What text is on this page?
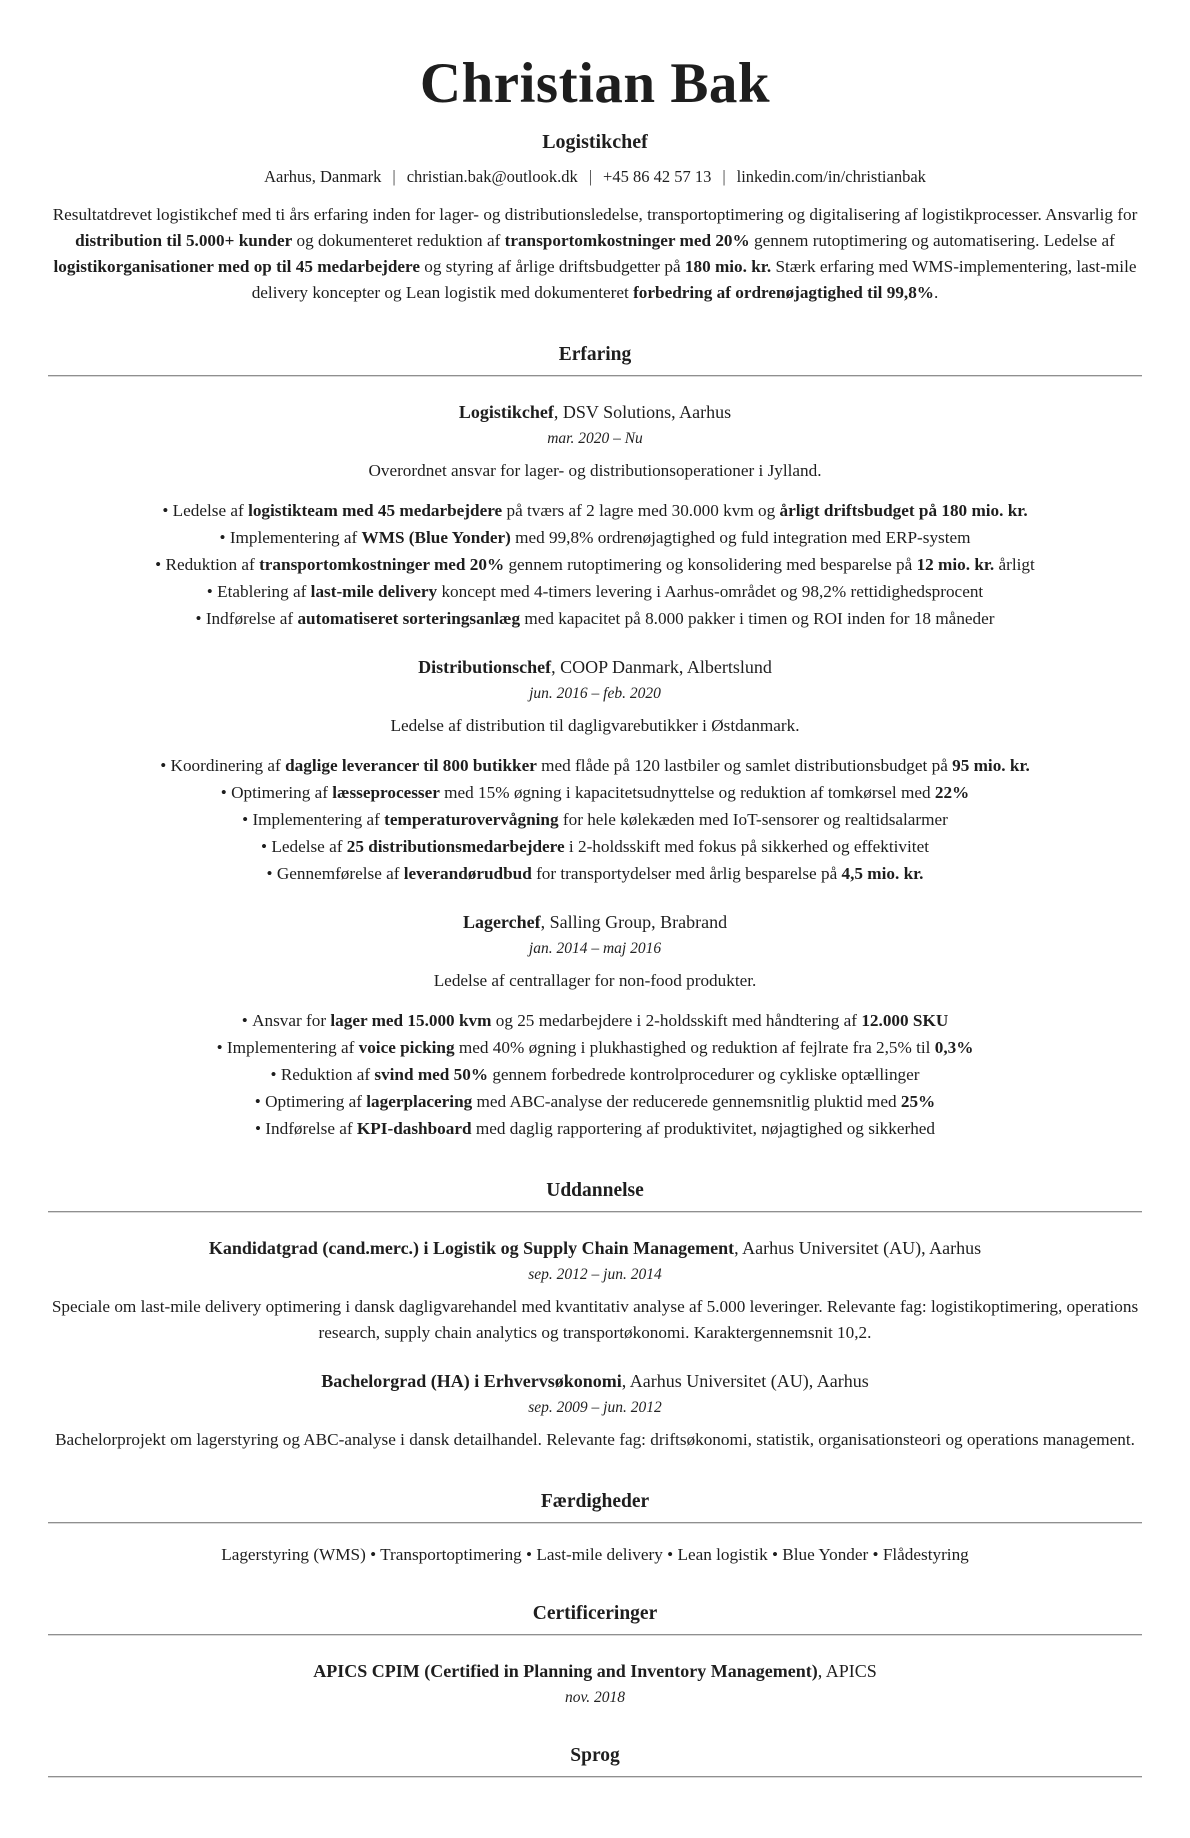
Christian Bak
Logistikchef
Aarhus, Danmark | christian.bak@outlook.dk | +45 86 42 57 13 | linkedin.com/in/christianbak

Resultatdrevet logistikchef med ti års erfaring inden for lager- og distributionsledelse, transportoptimering og digitalisering af logistikprocesser. Ansvarlig for distribution til 5.000+ kunder og dokumenteret reduktion af transportomkostninger med 20% gennem rutoptimering og automatisering. Ledelse af logistikorganisationer med op til 45 medarbejdere og styring af årlige driftsbudgetter på 180 mio. kr. Stærk erfaring med WMS-implementering, last-mile delivery koncepter og Lean logistik med dokumenteret forbedring af ordrenøjagtighed til 99,8%.

Erfaring
Logistikchef, DSV Solutions, Aarhus
mar. 2020 – Nu
Overordnet ansvar for lager- og distributionsoperationer i Jylland.
• Ledelse af logistikteam med 45 medarbejdere på tværs af 2 lagre med 30.000 kvm og årligt driftsbudget på 180 mio. kr.
• Implementering af WMS (Blue Yonder) med 99,8% ordrenøjagtighed og fuld integration med ERP-system
• Reduktion af transportomkostninger med 20% gennem rutoptimering og konsolidering med besparelse på 12 mio. kr. årligt
• Etablering af last-mile delivery koncept med 4-timers levering i Aarhus-området og 98,2% rettidighedsprocent
• Indførelse af automatiseret sorteringsanlæg med kapacitet på 8.000 pakker i timen og ROI inden for 18 måneder
Distributionschef, COOP Danmark, Albertslund
jun. 2016 – feb. 2020
Ledelse af distribution til dagligvarebutikker i Østdanmark.
• Koordinering af daglige leverancer til 800 butikker med flåde på 120 lastbiler og samlet distributionsbudget på 95 mio. kr.
• Optimering af læsseprocesser med 15% øgning i kapacitetsudnyttelse og reduktion af tomkørsel med 22%
• Implementering af temperaturovervågning for hele kølekæden med IoT-sensorer og realtidsalarmer
• Ledelse af 25 distributionsmedarbejdere i 2-holdsskift med fokus på sikkerhed og effektivitet
• Gennemførelse af leverandørudbud for transportydelser med årlig besparelse på 4,5 mio. kr.
Lagerchef, Salling Group, Brabrand
jan. 2014 – maj 2016
Ledelse af centrallager for non-food produkter.
• Ansvar for lager med 15.000 kvm og 25 medarbejdere i 2-holdsskift med håndtering af 12.000 SKU
• Implementering af voice picking med 40% øgning i plukhastighed og reduktion af fejlrate fra 2,5% til 0,3%
• Reduktion af svind med 50% gennem forbedrede kontrolprocedurer og cykliske optællinger
• Optimering af lagerplacering med ABC-analyse der reducerede gennemsnitlig pluktid med 25%
• Indførelse af KPI-dashboard med daglig rapportering af produktivitet, nøjagtighed og sikkerhed
Uddannelse
Kandidatgrad (cand.merc.) i Logistik og Supply Chain Management, Aarhus Universitet (AU), Aarhus
sep. 2012 – jun. 2014
Speciale om last-mile delivery optimering i dansk dagligvarehandel med kvantitativ analyse af 5.000 leveringer. Relevante fag: logistikoptimering, operations research, supply chain analytics og transportøkonomi. Karaktergennemsnit 10,2.
Bachelorgrad (HA) i Erhvervsøkonomi, Aarhus Universitet (AU), Aarhus
sep. 2009 – jun. 2012
Bachelorprojekt om lagerstyring og ABC-analyse i dansk detailhandel. Relevante fag: driftsøkonomi, statistik, organisationsteori og operations management.
Færdigheder
Lagerstyring (WMS) • Transportoptimering • Last-mile delivery • Lean logistik • Blue Yonder • Flådestyring
Certificeringer
APICS CPIM (Certified in Planning and Inventory Management), APICS
nov. 2018
Sprog
